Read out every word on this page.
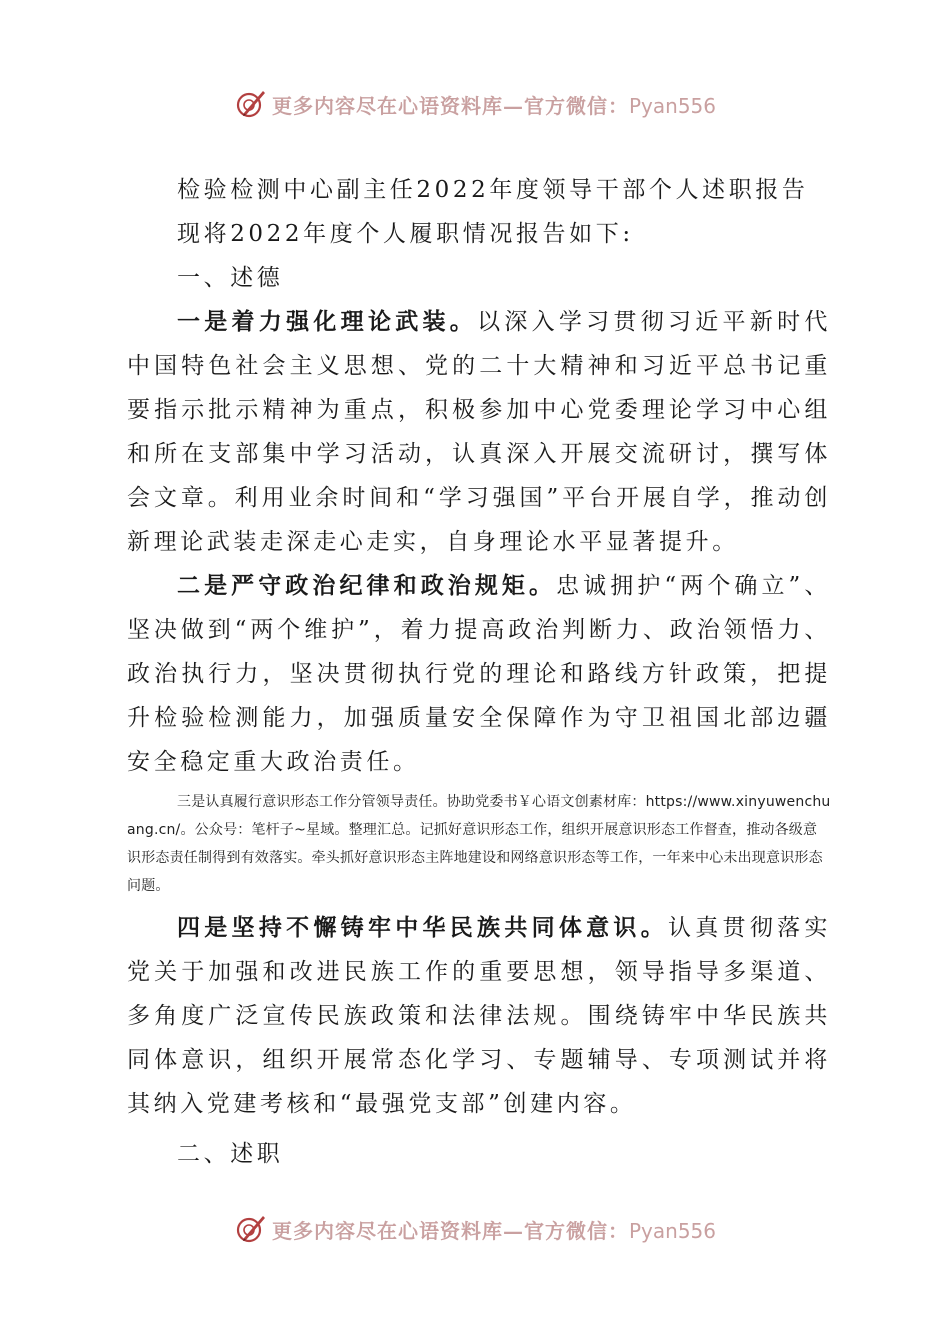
更多内容尽在心语资料库—官方微信：Pyan556

检验检测中心副主任2022年度领导干部个人述职报告

现将2022年度个人履职情况报告如下:

一、述德

一是着力强化理论武装。以深入学习贯彻习近平新时代中国特色社会主义思想、党的二十大精神和习近平总书记重要指示批示精神为重点，积极参加中心党委理论学习中心组和所在支部集中学习活动，认真深入开展交流研讨，撰写体会文章。利用业余时间和“学习强国”平台开展自学，推动创新理论武装走深走心走实，自身理论水平显著提升。

二是严守政治纪律和政治规矩。忠诚拥护“两个确立”、坚决做到“两个维护”，着力提高政治判断力、政治领悟力、政治执行力，坚决贯彻执行党的理论和路线方针政策，把提升检验检测能力，加强质量安全保障作为守卫祖国北部边疆安全稳定重大政治责任。

三是认真履行意识形态工作分管领导责任。协助党委书￥心语文创素材库：https://www.xinyuwenchuang.cn/。公众号：笔杆子~星域。整理汇总。记抓好意识形态工作，组织开展意识形态工作督查，推动各级意识形态责任制得到有效落实。牵头抓好意识形态主阵地建设和网络意识形态等工作，一年来中心未出现意识形态问题。

四是坚持不懈铸牢中华民族共同体意识。认真贯彻落实党关于加强和改进民族工作的重要思想，领导指导多渠道、多角度广泛宣传民族政策和法律法规。围绕铸牢中华民族共同体意识，组织开展常态化学习、专题辅导、专项测试并将其纳入党建考核和“最强党支部”创建内容。

二、述职

更多内容尽在心语资料库—官方微信：Pyan556
